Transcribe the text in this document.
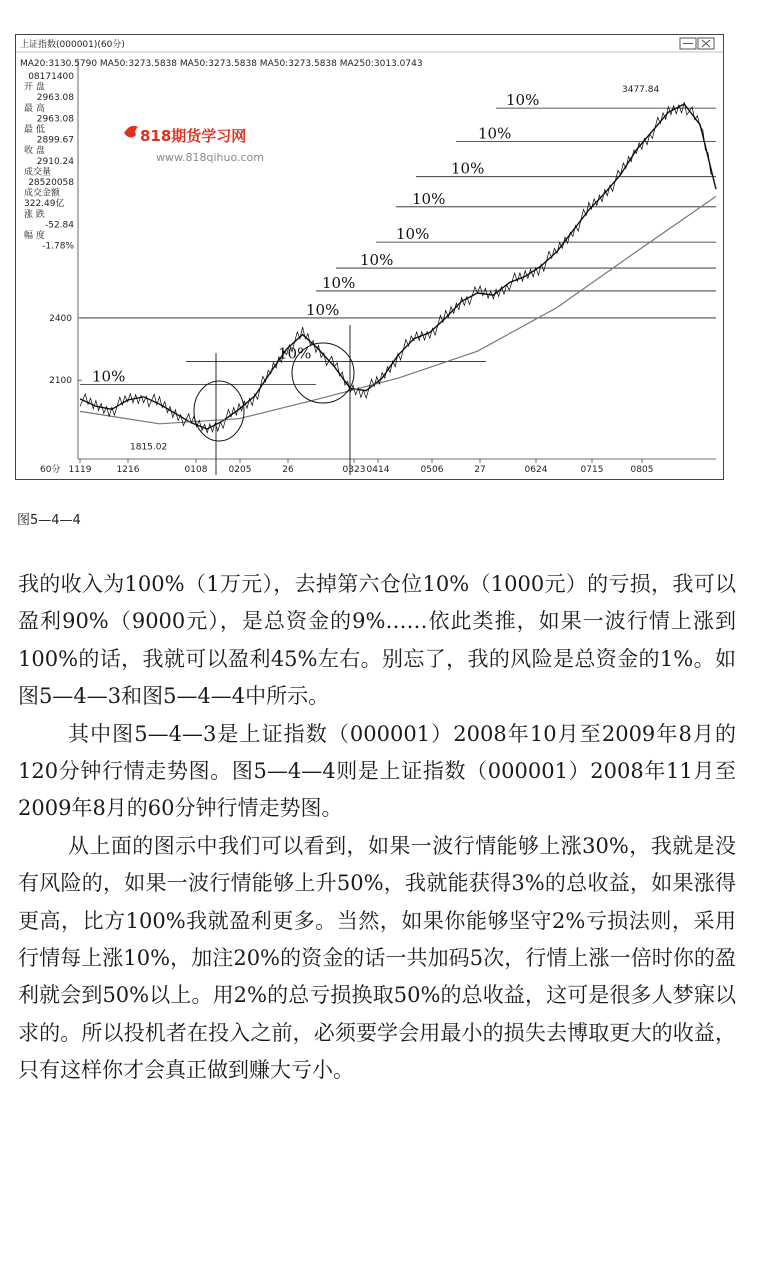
上证指数(000001)(60分)
MA20:3130.5790 MA50:3273.5838 MA50:3273.5838 MA50:3273.5838 MA250:3013.0743
08171400
开 盘
2963.08
最 高
2963.08
最 低
2899.67
收 盘
2910.24
成交量
28520058
成交金额
322.49亿
涨 跌
-52.84
幅 度
-1.78%
2100
2400
10%
10%
10%
10%
10%
10%
10%
10%
10%
10%
1815.02
3477.84
60分 1119	1216	0108 0205	26	0323 0414	0506	27	0624	0715	0805
818期货学习网
www.818qihuo.com
图5—4—4

我的收入为100%（1万元），去掉第六仓位10%（1000元）的亏损，我可以盈利90%（9000元），是总资金的9%……依此类推，如果一波行情上涨到100%的话，我就可以盈利45%左右。别忘了，我的风险是总资金的1%。如图5—4—3和图5—4—4中所示。

其中图5—4—3是上证指数（000001）2008年10月至2009年8月的120分钟行情走势图。图5—4—4则是上证指数（000001）2008年11月至2009年8月的60分钟行情走势图。

从上面的图示中我们可以看到，如果一波行情能够上涨30%，我就是没有风险的，如果一波行情能够上升50%，我就能获得3%的总收益，如果涨得更高，比方100%我就盈利更多。当然，如果你能够坚守2%亏损法则，采用行情每上涨10%，加注20%的资金的话一共加码5次，行情上涨一倍时你的盈利就会到50%以上。用2%的总亏损换取50%的总收益，这可是很多人梦寐以求的。所以投机者在投入之前，必须要学会用最小的损失去博取更大的收益，只有这样你才会真正做到赚大亏小。
